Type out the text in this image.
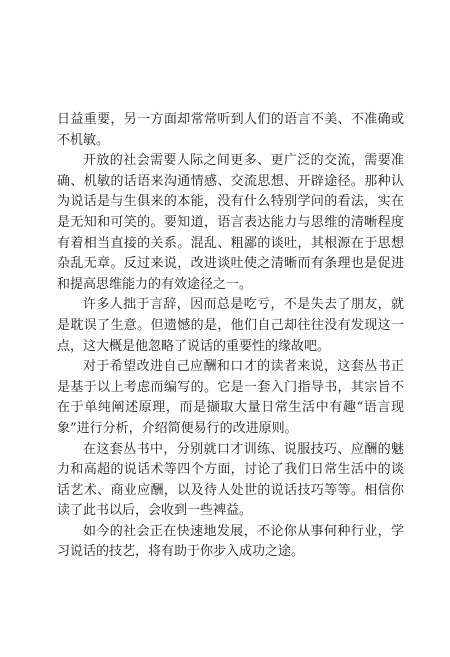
日益重要，另一方面却常常听到人们的语言不美、不准确或不机敏。

开放的社会需要人际之间更多、更广泛的交流，需要准确、机敏的话语来沟通情感、交流思想、开辟途径。那种认为说话是与生俱来的本能，没有什么特别学问的看法，实在是无知和可笑的。要知道，语言表达能力与思维的清晰程度有着相当直接的关系。混乱、粗鄙的谈吐，其根源在于思想杂乱无章。反过来说，改进谈吐使之清晰而有条理也是促进和提高思维能力的有效途径之一。

许多人拙于言辞，因而总是吃亏，不是失去了朋友，就是耽误了生意。但遗憾的是，他们自己却往往没有发现这一点，这大概是他忽略了说话的重要性的缘故吧。

对于希望改进自己应酬和口才的读者来说，这套丛书正是基于以上考虑而编写的。它是一套入门指导书，其宗旨不在于单纯阐述原理，而是撷取大量日常生活中有趣“语言现象”进行分析，介绍简便易行的改进原则。

在这套丛书中，分别就口才训练、说服技巧、应酬的魅力和高超的说话术等四个方面，讨论了我们日常生活中的谈话艺术、商业应酬，以及待人处世的说话技巧等等。相信你读了此书以后，会收到一些裨益。

如今的社会正在快速地发展，不论你从事何种行业，学习说话的技艺，将有助于你步入成功之途。
